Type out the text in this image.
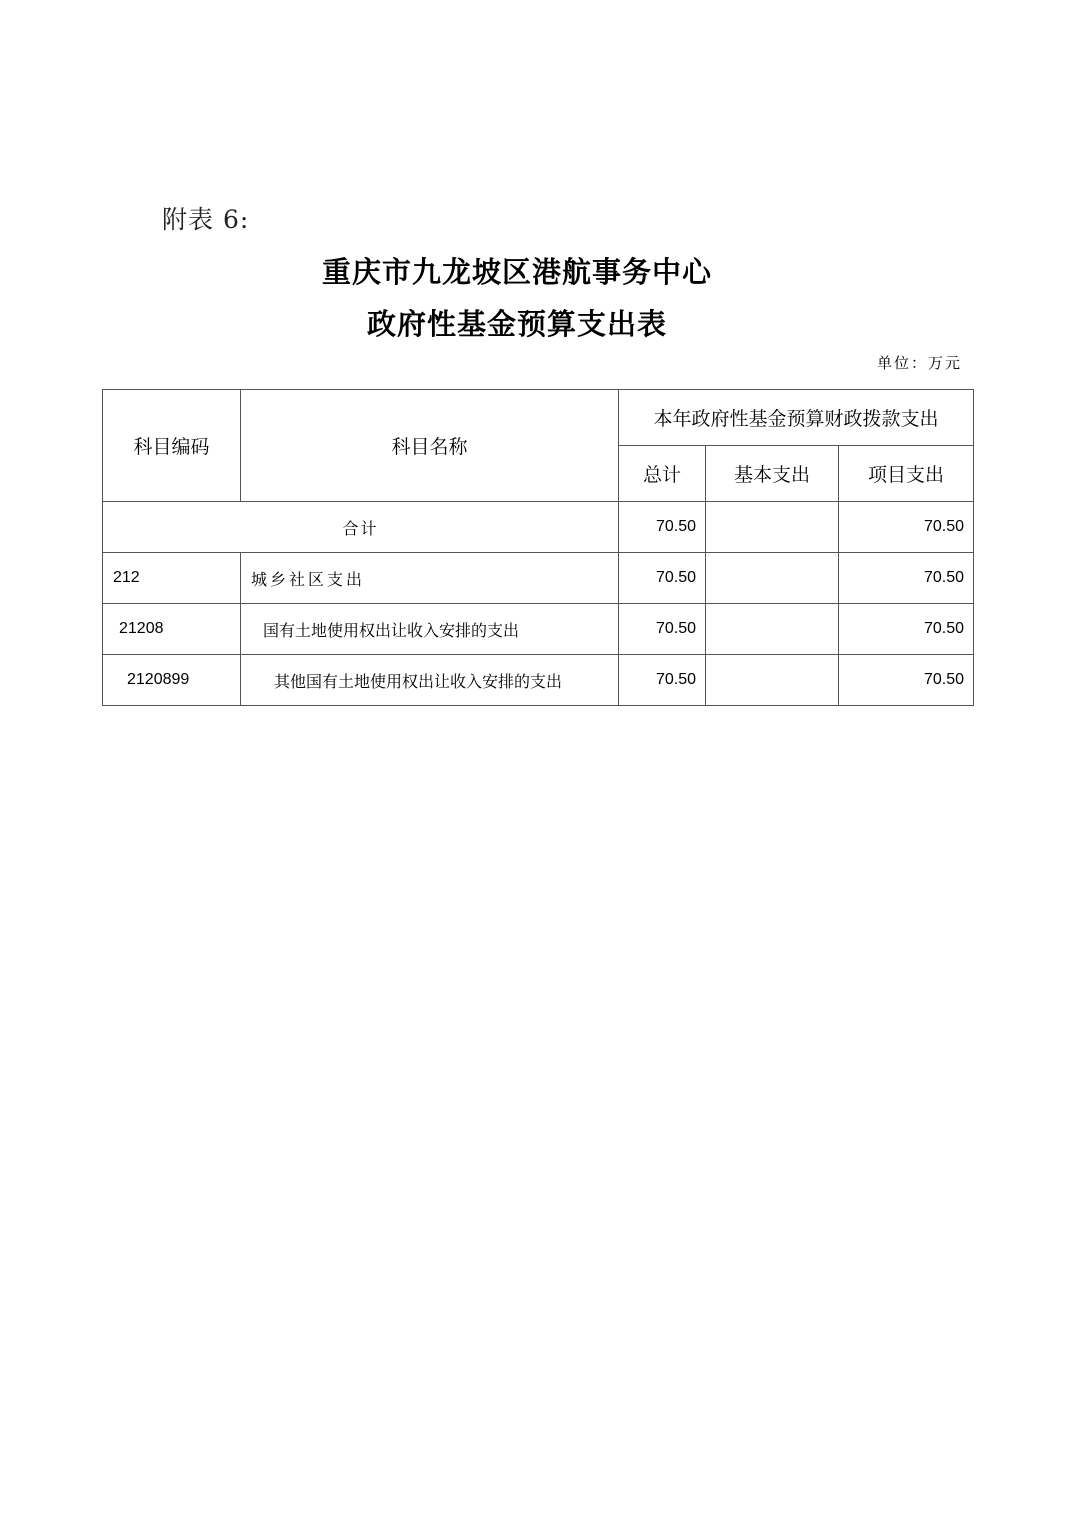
附表 6:
重庆市九龙坡区港航事务中心
政府性基金预算支出表
单位：万元
科目编码	科目名称	本年政府性基金预算财政拨款支出		
		总计	基本支出	项目支出
合计		70.50		70.50
212	城乡社区支出	70.50		70.50
21208	国有土地使用权出让收入安排的支出	70.50		70.50
2120899	其他国有土地使用权出让收入安排的支出	70.50		70.50
